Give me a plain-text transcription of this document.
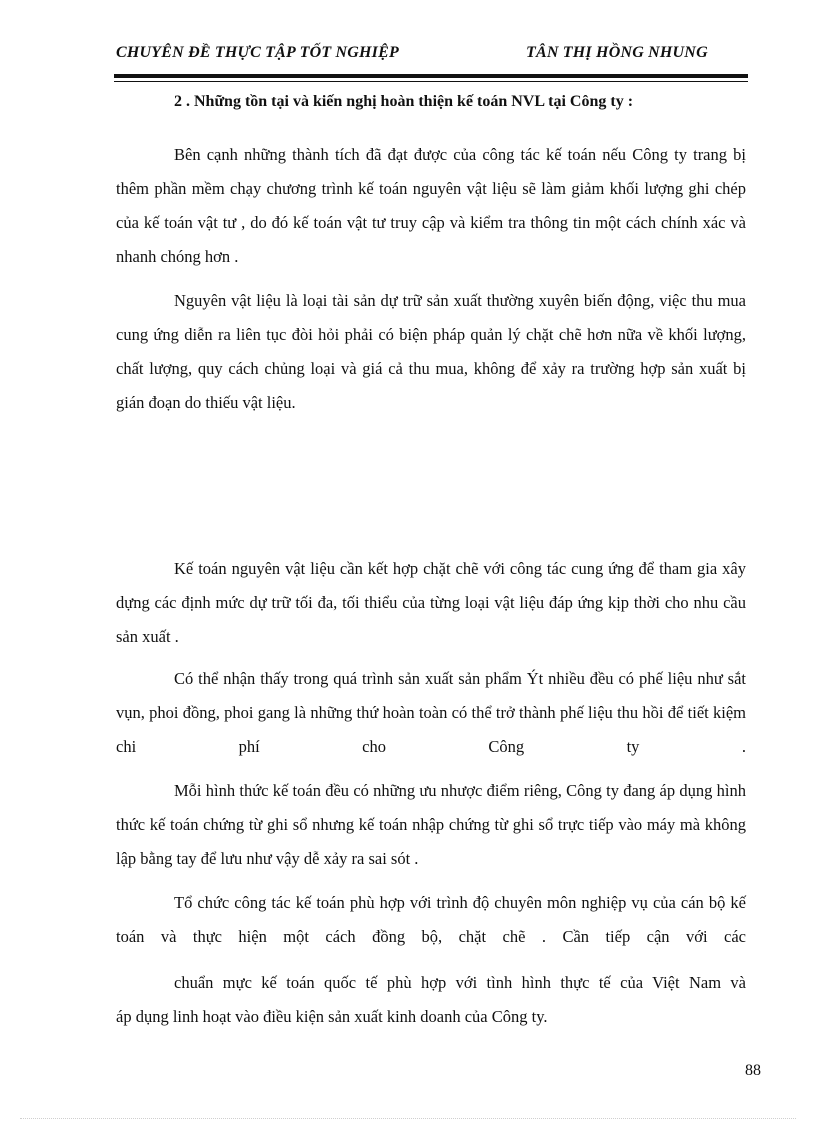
CHUYÊN ĐỀ THỰC TẬP TỐT NGHIỆP	TÂN THỊ HỒNG NHUNG
2 . Những tồn tại và kiến nghị hoàn thiện kế toán NVL tại Công ty :

Bên cạnh những thành tích đã đạt được của công tác kế toán nếu Công ty trang bị thêm phần mềm chạy chương trình kế toán nguyên vật liệu sẽ làm giảm khối lượng ghi chép của kế toán vật tư , do đó kế toán vật tư truy cập và kiểm tra thông tin một cách chính xác và nhanh chóng hơn .

Nguyên vật liệu là loại tài sản dự trữ sản xuất thường xuyên biến động, việc thu mua cung ứng diễn ra liên tục đòi hỏi phải có biện pháp quản lý chặt chẽ hơn nữa về khối lượng, chất lượng, quy cách chủng loại và giá cả thu mua, không để xảy ra trường hợp sản xuất bị gián đoạn do thiếu vật liệu.

Kế toán nguyên vật liệu cần kết hợp chặt chẽ với công tác cung ứng để tham gia xây dựng các định mức dự trữ tối đa, tối thiểu của từng loại vật liệu đáp ứng kịp thời cho nhu cầu sản xuất .

Có thể nhận thấy trong quá trình sản xuất sản phẩm Ýt nhiều đều có phế liệu như sắt vụn, phoi đồng, phoi gang là những thứ hoàn toàn có thể trở thành phế liệu thu hồi để tiết kiệm chi phí cho Công ty .

Mỗi hình thức kế toán đều có những ưu nhược điểm riêng, Công ty đang áp dụng hình thức kế toán chứng từ ghi sổ nhưng kế toán nhập chứng từ ghi sổ trực tiếp vào máy mà không lập bằng tay để lưu như vậy dễ xảy ra sai sót .

Tổ chức công tác kế toán phù hợp với trình độ chuyên môn nghiệp vụ của cán bộ kế toán và thực hiện một cách đồng bộ, chặt chẽ . Cần tiếp cận với các

chuẩn mực kế toán quốc tế phù hợp với tình hình thực tế của Việt Nam và
áp dụng linh hoạt vào điều kiện sản xuất kinh doanh của Công ty.

88
